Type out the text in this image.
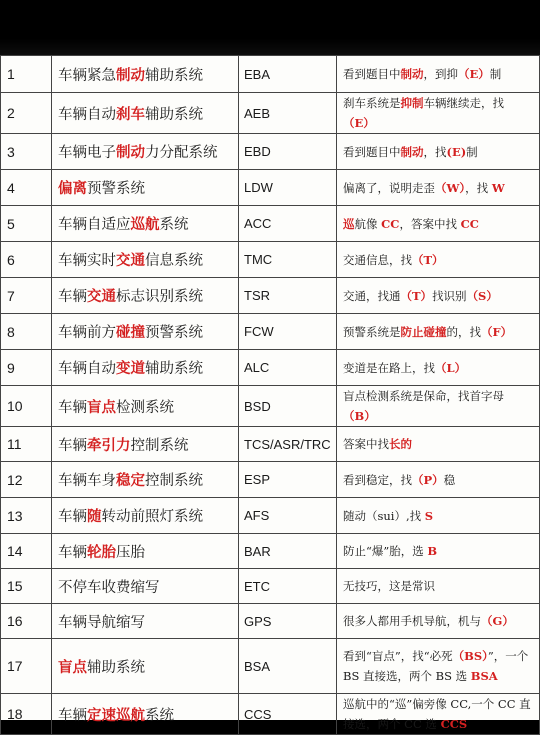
1	车辆紧急制动辅助系统	EBA	看到题目中制动，到抑（E）制
2	车辆自动刹车辅助系统	AEB	刹车系统是抑制车辆继续走，找（E）
3	车辆电子制动力分配系统	EBD	看到题目中制动，找(E)制
4	偏离预警系统	LDW	偏离了，说明走歪（W），找 W
5	车辆自适应巡航系统	ACC	巡航像 CC，答案中找 CC
6	车辆实时交通信息系统	TMC	交通信息，找（T）
7	车辆交通标志识别系统	TSR	交通，找通（T）找识别（S）
8	车辆前方碰撞预警系统	FCW	预警系统是防止碰撞的，找（F）
9	车辆自动变道辅助系统	ALC	变道是在路上，找（L）
10	车辆盲点检测系统	BSD	盲点检测系统是保命，找首字母（B）
11	车辆牵引力控制系统	TCS/ASR/TRC	答案中找长的
12	车辆车身稳定控制系统	ESP	看到稳定，找（P）稳
13	车辆随转动前照灯系统	AFS	随动（sui）,找 S
14	车辆轮胎压胎	BAR	防止“爆”胎，选 B
15	不停车收费缩写	ETC	无技巧，这是常识
16	车辆导航缩写	GPS	很多人都用手机导航，机与（G）
17	盲点辅助系统	BSA	看到“盲点”，找“必死（BS）”，一个 BS 直接选，两个 BS 选 BSA
18	车辆定速巡航系统	CCS	巡航中的“巡”偏旁像 CC,一个 CC 直接选，两个 CC 选 CCS
